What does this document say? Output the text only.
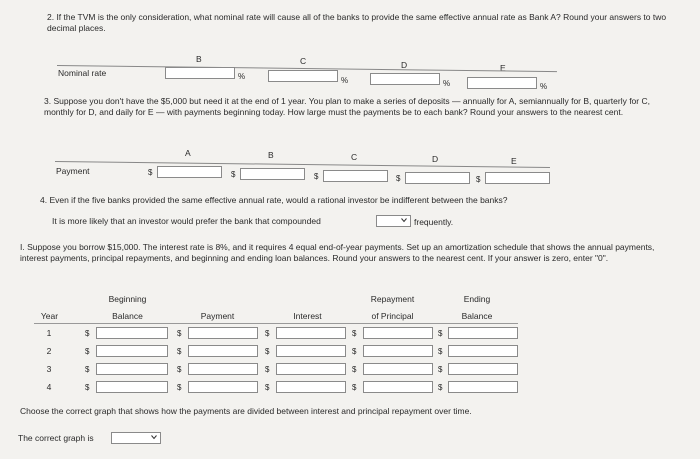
2. If the TVM is the only consideration, what nominal rate will cause all of the banks to provide the same effective annual rate as Bank A? Round your answers to two decimal places.
B	C	D	E
Nominal rate	%	%	%	%
3. Suppose you don't have the $5,000 but need it at the end of 1 year. You plan to make a series of deposits — annually for A, semiannually for B, quarterly for C, monthly for D, and daily for E — with payments beginning today. How large must the payments be to each bank? Round your answers to the nearest cent.
A	B	C	D	E
Payment	$	$	$	$	$
4. Even if the five banks provided the same effective annual rate, would a rational investor be indifferent between the banks?
It is more likely that an investor would prefer the bank that compounded	frequently.
I. Suppose you borrow $15,000. The interest rate is 8%, and it requires 4 equal end-of-year payments. Set up an amortization schedule that shows the annual payments, interest payments, principal repayments, and beginning and ending loan balances. Round your answers to the nearest cent. If your answer is zero, enter "0".
Beginning	Repayment	Ending
Year	Balance	Payment	Interest	of Principal	Balance
1	$	$	$	$	$
2	$	$	$	$	$
3	$	$	$	$	$
4	$	$	$	$	$
Choose the correct graph that shows how the payments are divided between interest and principal repayment over time.
The correct graph is
